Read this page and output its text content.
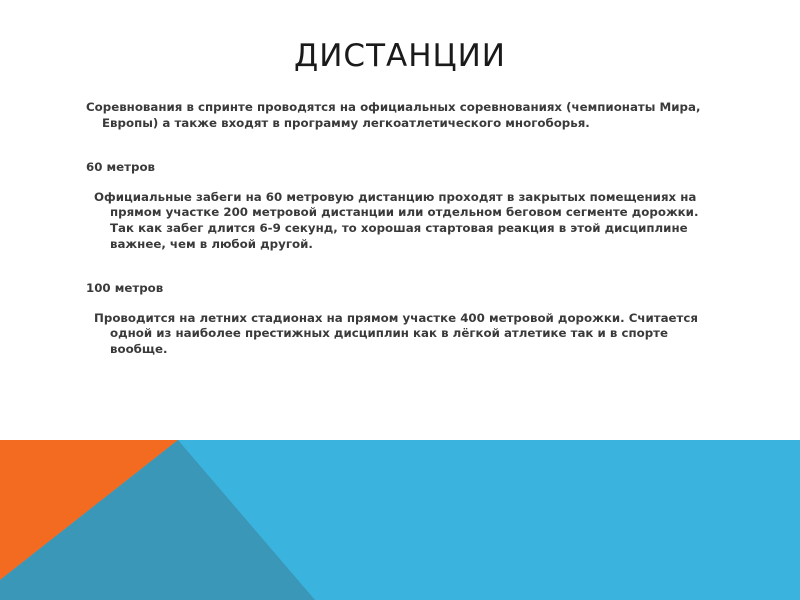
ДИСТАНЦИИ

Соревнования в спринте проводятся на официальных соревнованиях (чемпионаты Мира, Европы) а также входят в программу легкоатлетического многоборья.

60 метров

Официальные забеги на 60 метровую дистанцию проходят в закрытых помещениях на прямом участке 200 метровой дистанции или отдельном беговом сегменте дорожки. Так как забег длится 6-9 секунд, то хорошая стартовая реакция в этой дисциплине важнее, чем в любой другой.

100 метров

Проводится на летних стадионах на прямом участке 400 метровой дорожки. Считается одной из наиболее престижных дисциплин как в лёгкой атлетике так и в спорте вообще.
